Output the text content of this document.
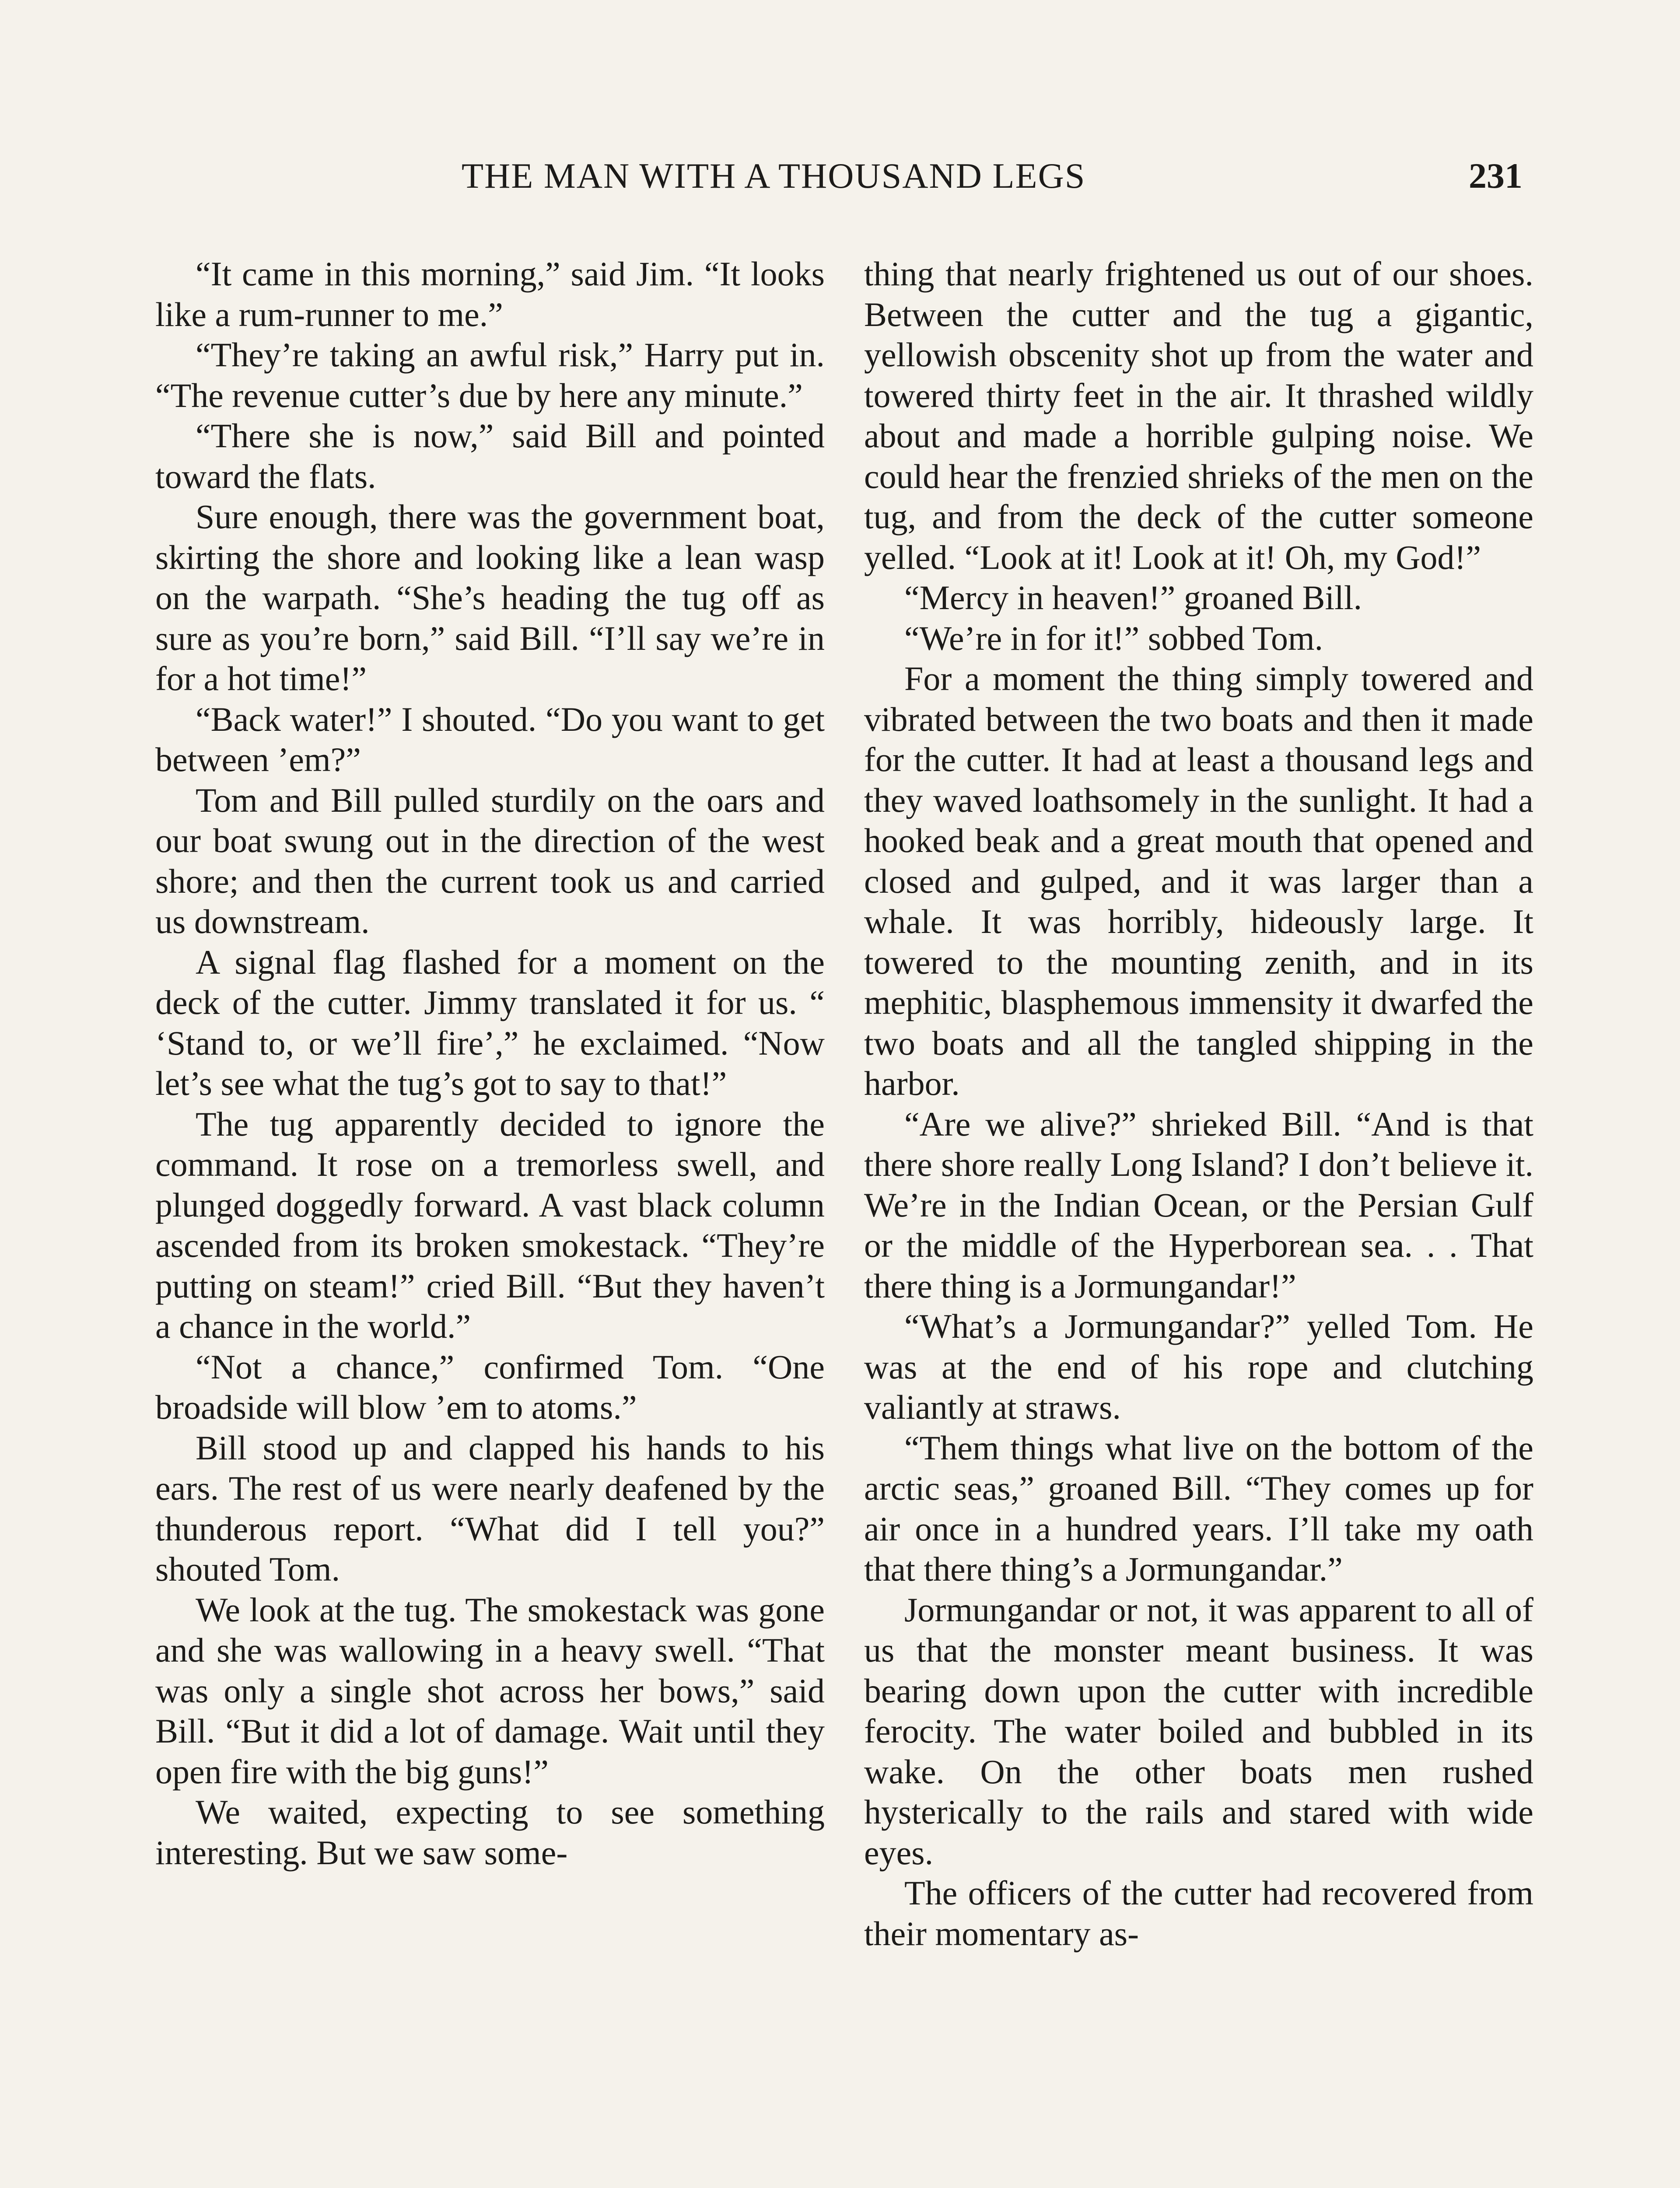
THE MAN WITH A THOUSAND LEGS	231

“It came in this morning,” said Jim. “It looks like a rum-runner to me.”

“They’re taking an awful risk,” Harry put in. “The revenue cutter’s due by here any minute.”

“There she is now,” said Bill and pointed toward the flats.

Sure enough, there was the government boat, skirting the shore and looking like a lean wasp on the warpath. “She’s heading the tug off as sure as you’re born,” said Bill. “I’ll say we’re in for a hot time!”

“Back water!” I shouted. “Do you want to get between ’em?”

Tom and Bill pulled sturdily on the oars and our boat swung out in the direction of the west shore; and then the current took us and carried us downstream.

A signal flag flashed for a moment on the deck of the cutter. Jimmy translated it for us. “ ‘Stand to, or we’ll fire’,” he exclaimed. “Now let’s see what the tug’s got to say to that!”

The tug apparently decided to ignore the command. It rose on a tremorless swell, and plunged doggedly forward. A vast black column ascended from its broken smokestack. “They’re putting on steam!” cried Bill. “But they haven’t a chance in the world.”

“Not a chance,” confirmed Tom. “One broadside will blow ’em to atoms.”

Bill stood up and clapped his hands to his ears. The rest of us were nearly deafened by the thunderous report. “What did I tell you?” shouted Tom.

We look at the tug. The smokestack was gone and she was wallowing in a heavy swell. “That was only a single shot across her bows,” said Bill. “But it did a lot of damage. Wait until they open fire with the big guns!”

We waited, expecting to see something interesting. But we saw some-

thing that nearly frightened us out of our shoes. Between the cutter and the tug a gigantic, yellowish obscenity shot up from the water and towered thirty feet in the air. It thrashed wildly about and made a horrible gulping noise. We could hear the frenzied shrieks of the men on the tug, and from the deck of the cutter someone yelled. “Look at it! Look at it! Oh, my God!”

“Mercy in heaven!” groaned Bill.

“We’re in for it!” sobbed Tom.

For a moment the thing simply towered and vibrated between the two boats and then it made for the cutter. It had at least a thousand legs and they waved loathsomely in the sunlight. It had a hooked beak and a great mouth that opened and closed and gulped, and it was larger than a whale. It was horribly, hideously large. It towered to the mounting zenith, and in its mephitic, blasphemous immensity it dwarfed the two boats and all the tangled shipping in the harbor.

“Are we alive?” shrieked Bill. “And is that there shore really Long Island? I don’t believe it. We’re in the Indian Ocean, or the Persian Gulf or the middle of the Hyperborean sea. . . That there thing is a Jormungandar!”

“What’s a Jormungandar?” yelled Tom. He was at the end of his rope and clutching valiantly at straws.

“Them things what live on the bottom of the arctic seas,” groaned Bill. “They comes up for air once in a hundred years. I’ll take my oath that there thing’s a Jormungandar.”

Jormungandar or not, it was apparent to all of us that the monster meant business. It was bearing down upon the cutter with incredible ferocity. The water boiled and bubbled in its wake. On the other boats men rushed hysterically to the rails and stared with wide eyes.

The officers of the cutter had recovered from their momentary as-
